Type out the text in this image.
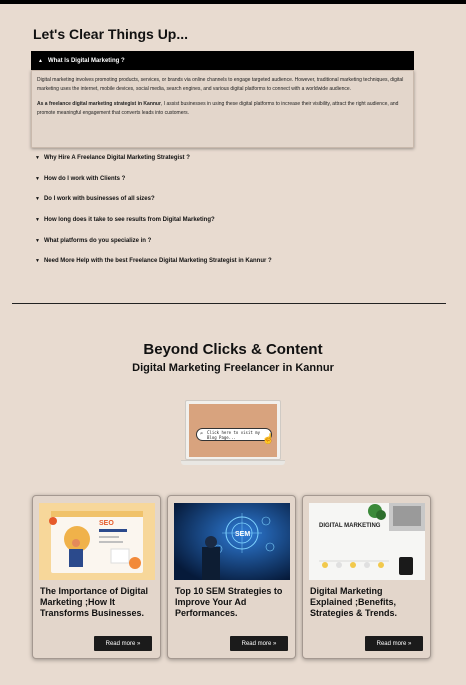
Let's Clear Things Up...
▲ What Is Digital Marketing ?

Digital marketing involves promoting products, services, or brands via online channels to engage targeted audience. However, traditional marketing techniques, digital marketing uses the internet, mobile devices, social media, search engines, and various digital platforms to connect with a worldwide audience.

As a freelance digital marketing strategist in Kannur, I assist businesses in using these digital platforms to increase their visibility, attract the right audience, and promote meaningful engagement that converts leads into customers.

▼ Why Hire A Freelance Digital Marketing Strategist ?
▼ How do I work with Clients ?
▼ Do I work with businesses of all sizes?
▼ How long does it take to see results from Digital Marketing?
▼ What platforms do you specialize in ?
▼ Need More Help with the best Freelance Digital Marketing Strategist in Kannur ?
Beyond Clicks & Content
Digital Marketing Freelancer in Kannur
⌕ Click here to visit my Blog Page...	☝
SEO
The Importance of Digital Marketing ;How It Transforms Businesses.
Read more »
SEM
Top 10 SEM Strategies to Improve Your Ad Performances.
Read more »
DIGITAL MARKETING
Digital Marketing Explained ;Benefits, Strategies & Trends.
Read more »
